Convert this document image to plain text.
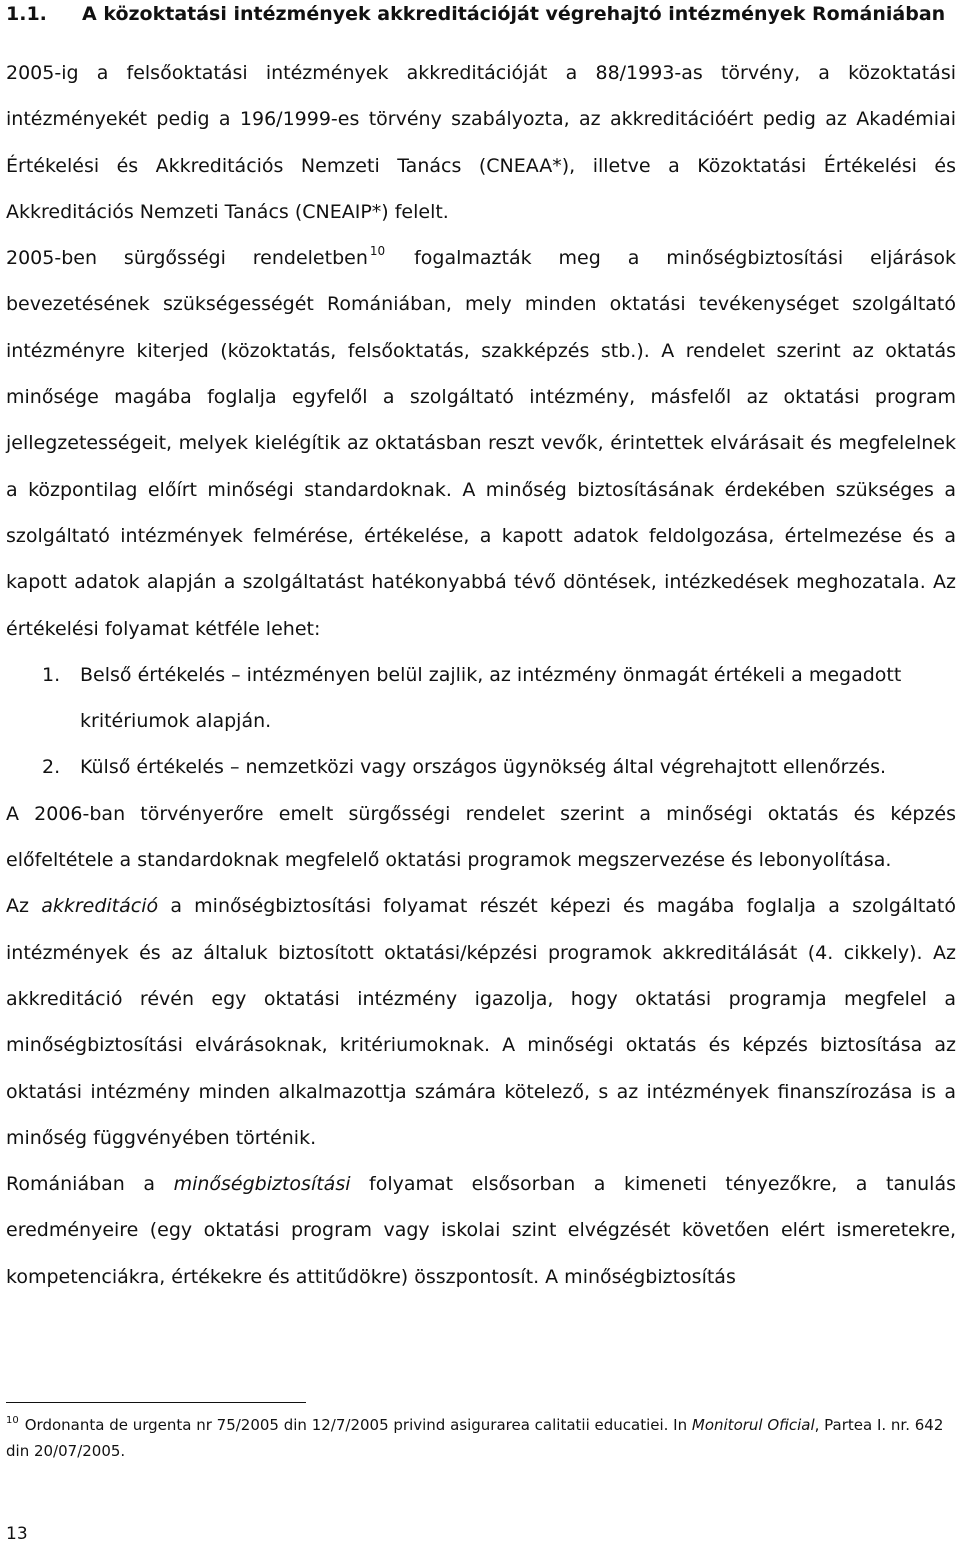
1.1. A közoktatási intézmények akkreditációját végrehajtó intézmények Romániában

2005-ig a felsőoktatási intézmények akkreditációját a 88/1993-as törvény, a közoktatási intézményekét pedig a 196/1999-es törvény szabályozta, az akkreditációért pedig az Akadémiai Értékelési és Akkreditációs Nemzeti Tanács (CNEAA*), illetve a Közoktatási Értékelési és Akkreditációs Nemzeti Tanács (CNEAIP*) felelt.

2005-ben sürgősségi rendeletben $^{10}$ fogalmazták meg a minőségbiztosítási eljárások bevezetésének szükségességét Romániában, mely minden oktatási tevékenységet szolgáltató intézményre kiterjed (közoktatás, felsőoktatás, szakképzés stb.). A rendelet szerint az oktatás minősége magába foglalja egyfelől a szolgáltató intézmény, másfelől az oktatási program jellegzetességeit, melyek kielégítik az oktatásban reszt vevők, érintettek elvárásait és megfelelnek a központilag előírt minőségi standardoknak. A minőség biztosításának érdekében szükséges a szolgáltató intézmények felmérése, értékelése, a kapott adatok feldolgozása, értelmezése és a kapott adatok alapján a szolgáltatást hatékonyabbá tévő döntések, intézkedések meghozatala. Az értékelési folyamat kétféle lehet:

1. Belső értékelés – intézményen belül zajlik, az intézmény önmagát értékeli a megadott kritériumok alapján.
2. Külső értékelés – nemzetközi vagy országos ügynökség által végrehajtott ellenőrzés.

A 2006-ban törvényerőre emelt sürgősségi rendelet szerint a minőségi oktatás és képzés előfeltétele a standardoknak megfelelő oktatási programok megszervezése és lebonyolítása.

Az akkreditáció a minőségbiztosítási folyamat részét képezi és magába foglalja a szolgáltató intézmények és az általuk biztosított oktatási/képzési programok akkreditálását (4. cikkely). Az akkreditáció révén egy oktatási intézmény igazolja, hogy oktatási programja megfelel a minőségbiztosítási elvárásoknak, kritériumoknak. A minőségi oktatás és képzés biztosítása az oktatási intézmény minden alkalmazottja számára kötelező, s az intézmények finanszírozása is a minőség függvényében történik.

Romániában a minőségbiztosítási folyamat elsősorban a kimeneti tényezőkre, a tanulás eredményeire (egy oktatási program vagy iskolai szint elvégzését követően elért ismeretekre, kompetenciákra, értékekre és attitűdökre) összpontosít. A minőségbiztosítás

$^{10}$ Ordonanta de urgenta nr 75/2005 din 12/7/2005 privind asigurarea calitatii educatiei. In Monitorul Oficial, Partea I. nr. 642 din 20/07/2005.
13
